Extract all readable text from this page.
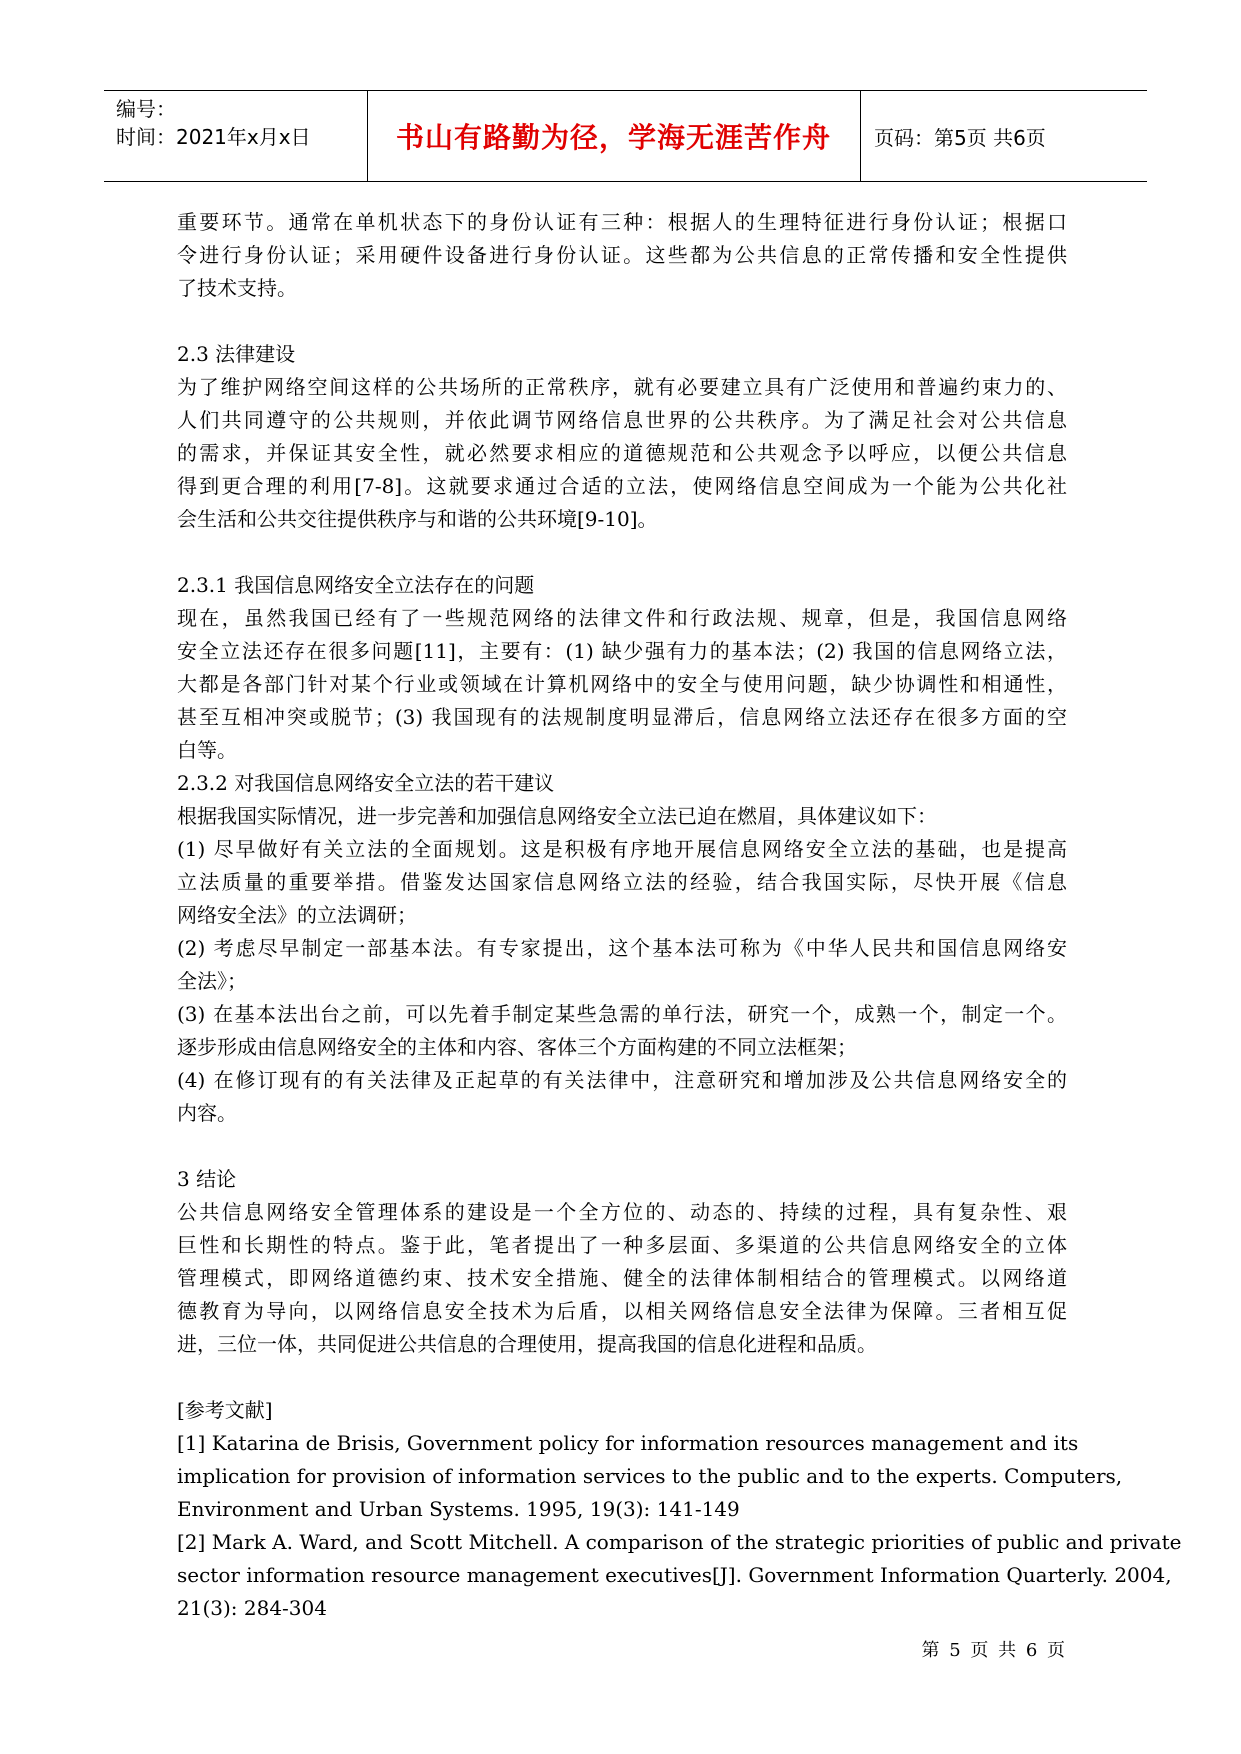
编号：
时间：2021年x月x日	书山有路勤为径，学海无涯苦作舟 页码：第5页 共6页
重要环节。通常在单机状态下的身份认证有三种：根据人的生理特征进行身份认证；根据口
令进行身份认证；采用硬件设备进行身份认证。这些都为公共信息的正常传播和安全性提供
了技术支持。
2.3 法律建设
为了维护网络空间这样的公共场所的正常秩序，就有必要建立具有广泛使用和普遍约束力的、
人们共同遵守的公共规则，并依此调节网络信息世界的公共秩序。为了满足社会对公共信息
的需求，并保证其安全性，就必然要求相应的道德规范和公共观念予以呼应，以便公共信息
得到更合理的利用[7-8]。这就要求通过合适的立法，使网络信息空间成为一个能为公共化社
会生活和公共交往提供秩序与和谐的公共环境[9-10]。
2.3.1 我国信息网络安全立法存在的问题
现在，虽然我国已经有了一些规范网络的法律文件和行政法规、规章，但是，我国信息网络
安全立法还存在很多问题[11]，主要有：(1) 缺少强有力的基本法；(2) 我国的信息网络立法，
大都是各部门针对某个行业或领域在计算机网络中的安全与使用问题，缺少协调性和相通性，
甚至互相冲突或脱节；(3) 我国现有的法规制度明显滞后，信息网络立法还存在很多方面的空
白等。
2.3.2 对我国信息网络安全立法的若干建议
根据我国实际情况，进一步完善和加强信息网络安全立法已迫在燃眉，具体建议如下：
(1) 尽早做好有关立法的全面规划。这是积极有序地开展信息网络安全立法的基础，也是提高
立法质量的重要举措。借鉴发达国家信息网络立法的经验，结合我国实际，尽快开展《信息
网络安全法》的立法调研；
(2) 考虑尽早制定一部基本法。有专家提出，这个基本法可称为《中华人民共和国信息网络安
全法》；
(3) 在基本法出台之前，可以先着手制定某些急需的单行法，研究一个，成熟一个，制定一个。
逐步形成由信息网络安全的主体和内容、客体三个方面构建的不同立法框架；
(4) 在修订现有的有关法律及正起草的有关法律中，注意研究和增加涉及公共信息网络安全的
内容。
3 结论
公共信息网络安全管理体系的建设是一个全方位的、动态的、持续的过程，具有复杂性、艰
巨性和长期性的特点。鉴于此，笔者提出了一种多层面、多渠道的公共信息网络安全的立体
管理模式，即网络道德约束、技术安全措施、健全的法律体制相结合的管理模式。以网络道
德教育为导向，以网络信息安全技术为后盾，以相关网络信息安全法律为保障。三者相互促
进，三位一体，共同促进公共信息的合理使用，提高我国的信息化进程和品质。
[参考文献]
[1] Katarina de Brisis, Government policy for information resources management and its
implication for provision of information services to the public and to the experts. Computers,
Environment and Urban Systems. 1995, 19(3): 141-149
[2] Mark A. Ward, and Scott Mitchell. A comparison of the strategic priorities of public and private
sector information resource management executives[J]. Government Information Quarterly. 2004,
21(3): 284-304
第 5 页 共 6 页
